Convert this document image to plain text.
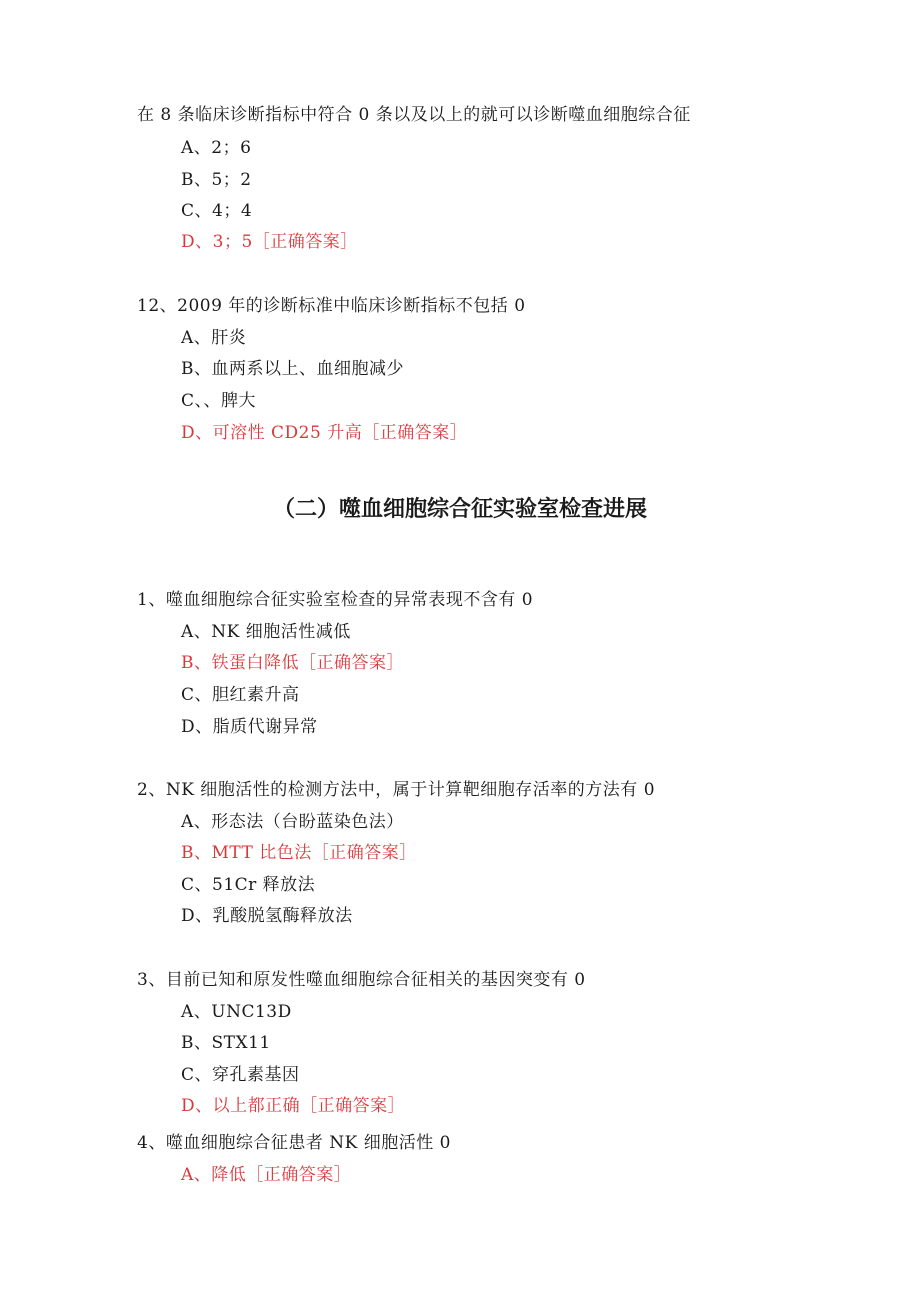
在 8 条临床诊断指标中符合 0 条以及以上的就可以诊断噬血细胞综合征
A、2；6
B、5；2
C、4；4
D、3；5［正确答案］
12、2009 年的诊断标准中临床诊断指标不包括 0
A、肝炎
B、血两系以上、血细胞减少
C、、脾大
D、可溶性 CD25 升高［正确答案］
（二）噬血细胞综合征实验室检查进展
1、噬血细胞综合征实验室检查的异常表现不含有 0
A、NK 细胞活性减低
B、铁蛋白降低［正确答案］
C、胆红素升高
D、脂质代谢异常
2、NK 细胞活性的检测方法中，属于计算靶细胞存活率的方法有 0
A、形态法（台盼蓝染色法）
B、MTT 比色法［正确答案］
C、51Cr 释放法
D、乳酸脱氢酶释放法
3、目前已知和原发性噬血细胞综合征相关的基因突变有 0
A、UNC13D
B、STX11
C、穿孔素基因
D、以上都正确［正确答案］
4、噬血细胞综合征患者 NK 细胞活性 0
A、降低［正确答案］
